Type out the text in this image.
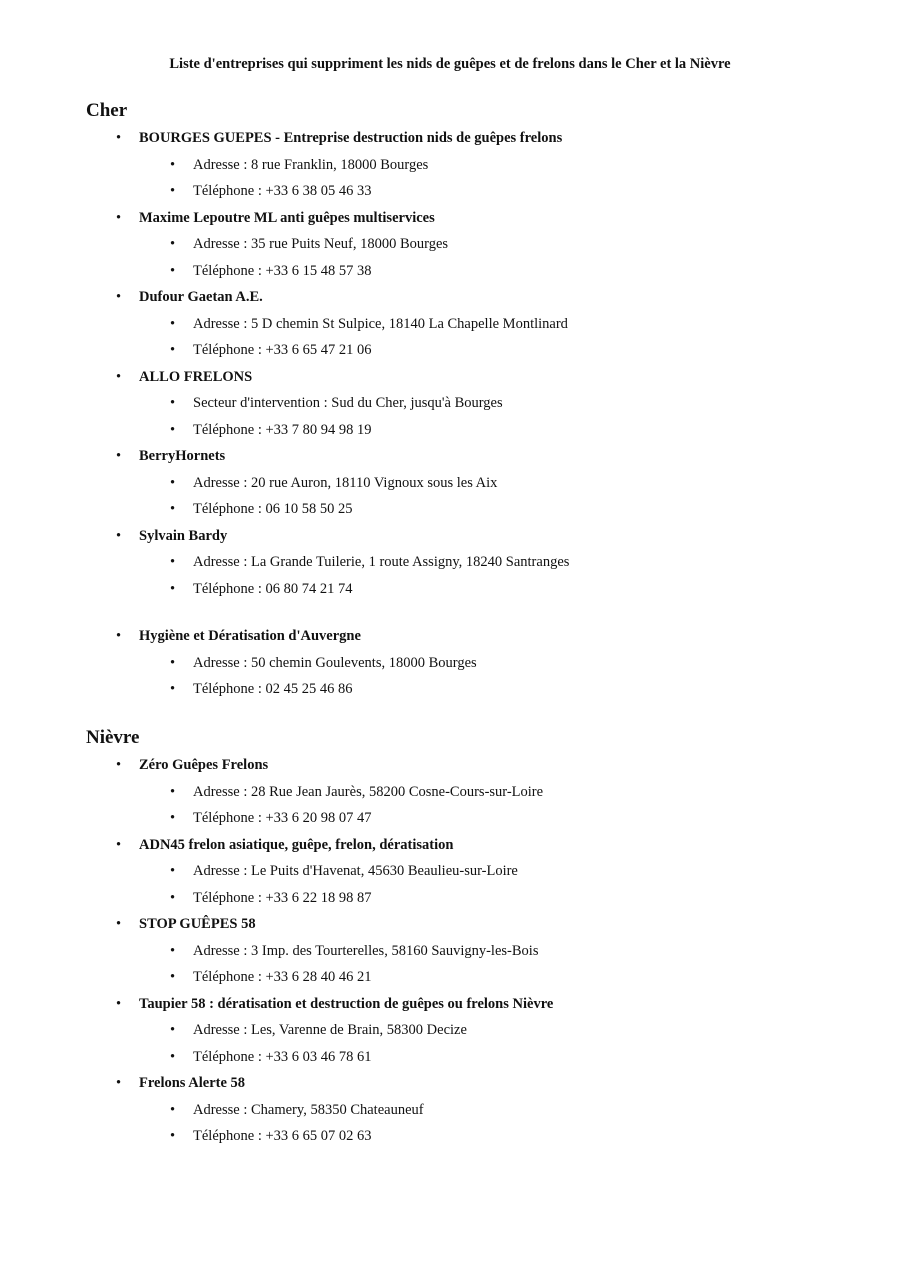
Liste d'entreprises qui suppriment les nids de guêpes et de frelons dans le Cher et la Nièvre
Cher
• BOURGES GUEPES - Entreprise destruction nids de guêpes frelons
• Adresse : 8 rue Franklin, 18000 Bourges
• Téléphone : +33 6 38 05 46 33
• Maxime Lepoutre ML anti guêpes multiservices
• Adresse : 35 rue Puits Neuf, 18000 Bourges
• Téléphone : +33 6 15 48 57 38
• Dufour Gaetan A.E.
• Adresse : 5 D chemin St Sulpice, 18140 La Chapelle Montlinard
• Téléphone : +33 6 65 47 21 06
• ALLO FRELONS
• Secteur d'intervention : Sud du Cher, jusqu'à Bourges
• Téléphone : +33 7 80 94 98 19
• BerryHornets
• Adresse : 20 rue Auron, 18110 Vignoux sous les Aix
• Téléphone : 06 10 58 50 25
• Sylvain Bardy
• Adresse : La Grande Tuilerie, 1 route Assigny, 18240 Santranges
• Téléphone : 06 80 74 21 74
• Hygiène et Dératisation d'Auvergne
• Adresse : 50 chemin Goulevents, 18000 Bourges
• Téléphone : 02 45 25 46 86
Nièvre
• Zéro Guêpes Frelons
• Adresse : 28 Rue Jean Jaurès, 58200 Cosne-Cours-sur-Loire
• Téléphone : +33 6 20 98 07 47
• ADN45 frelon asiatique, guêpe, frelon, dératisation
• Adresse : Le Puits d'Havenat, 45630 Beaulieu-sur-Loire
• Téléphone : +33 6 22 18 98 87
• STOP GUÊPES 58
• Adresse : 3 Imp. des Tourterelles, 58160 Sauvigny-les-Bois
• Téléphone : +33 6 28 40 46 21
• Taupier 58 : dératisation et destruction de guêpes ou frelons Nièvre
• Adresse : Les, Varenne de Brain, 58300 Decize
• Téléphone : +33 6 03 46 78 61
• Frelons Alerte 58
• Adresse : Chamery, 58350 Chateauneuf
• Téléphone : +33 6 65 07 02 63
